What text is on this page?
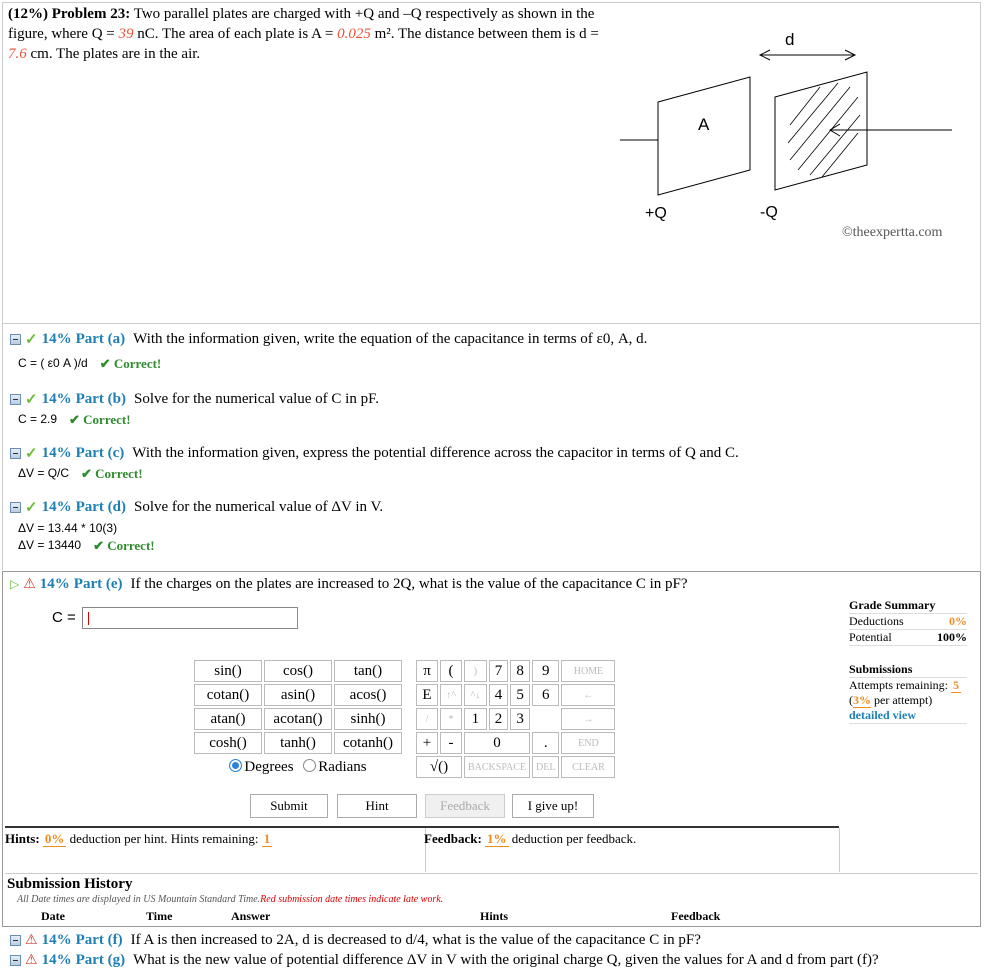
(12%) Problem 23: Two parallel plates are charged with +Q and –Q respectively as shown in the figure, where Q = 39 nC. The area of each plate is A = 0.025 m². The distance between them is d = 7.6 cm. The plates are in the air.
d
A
+Q	-Q
©theexpertta.com
✓ 14% Part (a) With the information given, write the equation of the capacitance in terms of ε0, A, d.
C = ( ε0 A )/d ✔ Correct!
✓ 14% Part (b) Solve for the numerical value of C in pF.
C = 2.9 ✔ Correct!
✓ 14% Part (c) With the information given, express the potential difference across the capacitor in terms of Q and C.
ΔV = Q/C ✔ Correct!
✓ 14% Part (d) Solve for the numerical value of ΔV in V.
ΔV = 13.44 * 10(3)
ΔV = 13440 ✔ Correct!
▷ ⚠ 14% Part (e) If the charges on the plates are increased to 2Q, what is the value of the capacitance C in pF?
C =
sin()	cos()	tan()		π	(	)	7	8	9	HOME
cotan()	asin()	acos()		E	↑^	^↓	4	5	6	←
atan()	acotan()	sinh()		/	*	1	2	3		→
cosh()	tanh()	cotanh()		+	-	0			.	END
Degrees Radians				√()		BACKSPACE			DEL	CLEAR
Submit	Hint	Feedback	I give up!
Hints: 0% deduction per hint. Hints remaining: 1	Feedback: 1% deduction per feedback.
Grade Summary
Deductions	0%
Potential	100%
Submissions
Attempts remaining: 5
(3% per attempt)
detailed view
Submission History
All Date times are displayed in US Mountain Standard Time.Red submission date times indicate late work.
Date	Time	Answer	Hints	Feedback
⚠ 14% Part (f) If A is then increased to 2A, d is decreased to d/4, what is the value of the capacitance C in pF?
⚠ 14% Part (g) What is the new value of potential difference ΔV in V with the original charge Q, given the values for A and d from part (f)?
